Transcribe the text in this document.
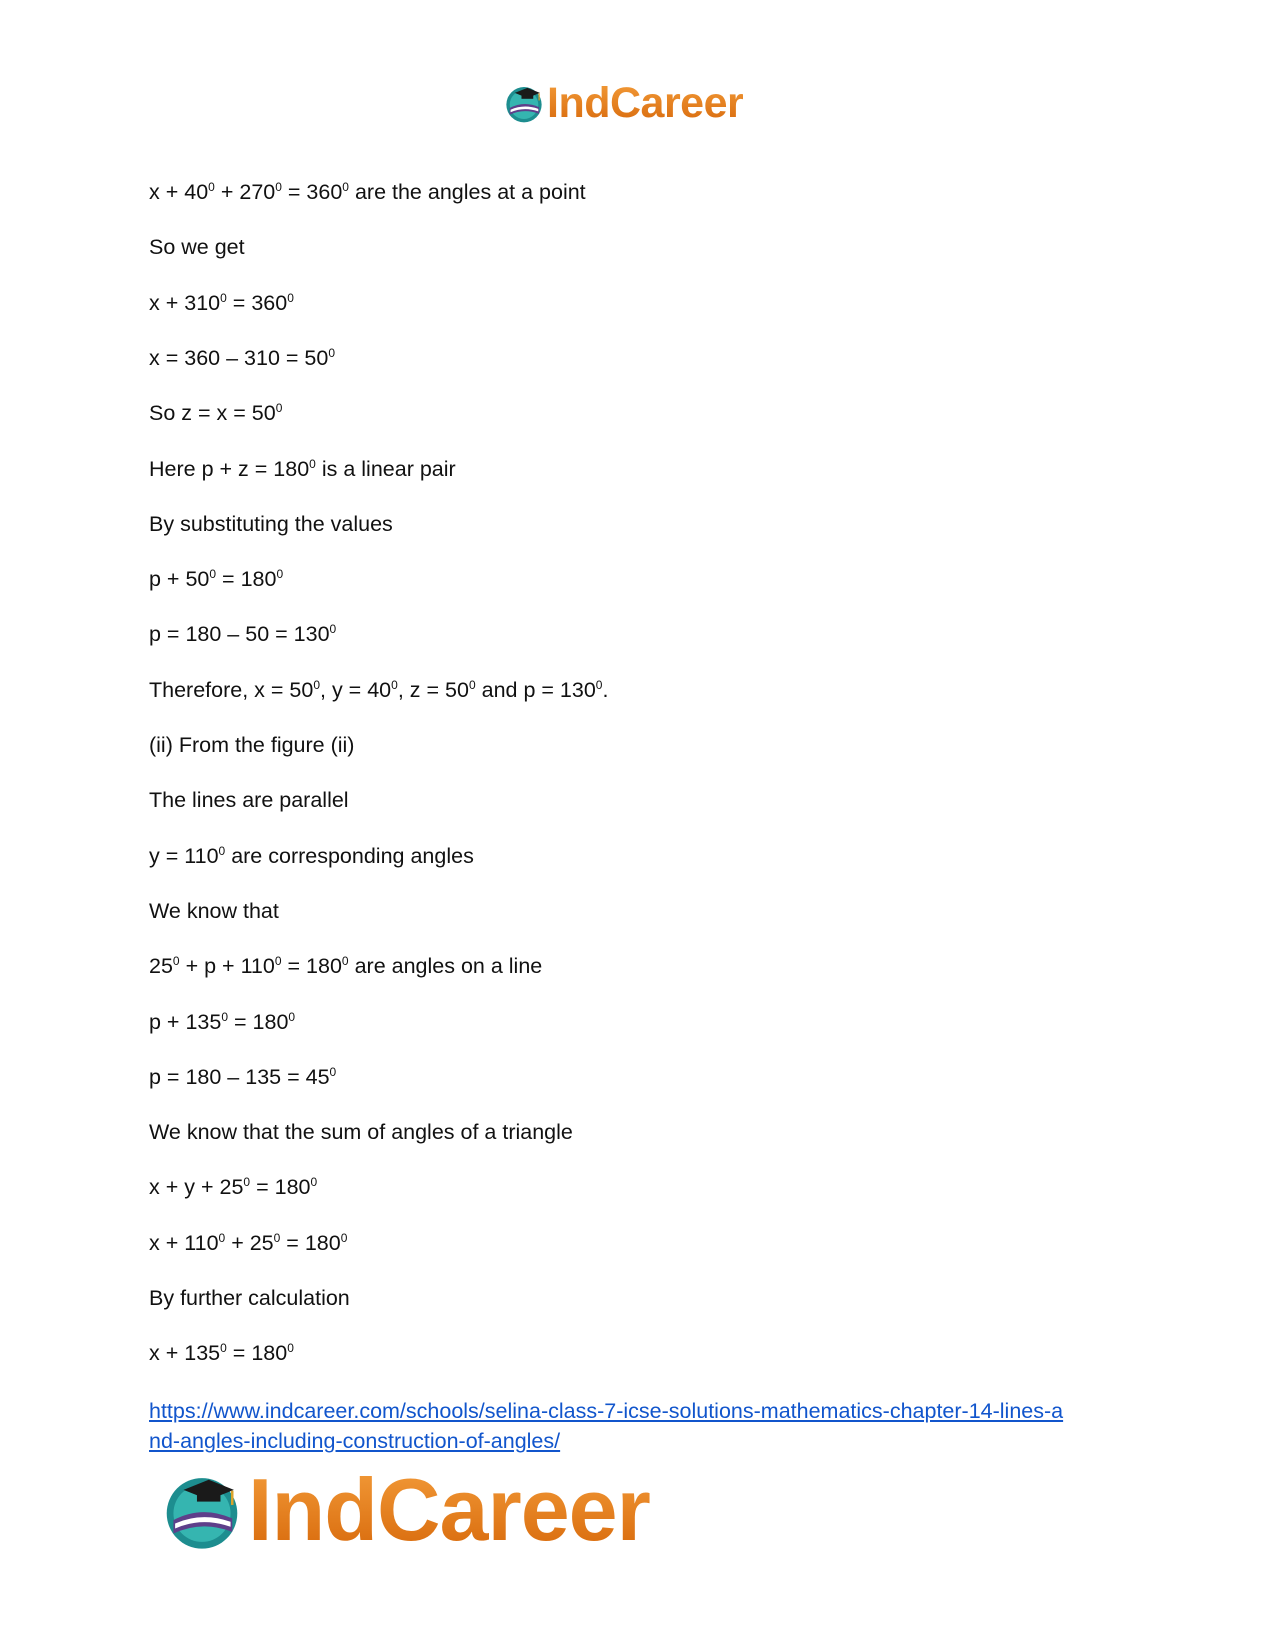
IndCareer
$x + 40^0 + 270^0 = 360^0$ are the angles at a point
So we get
$x + 310^0 = 360^0$
$x = 360 - 310 = 50^0$
So $z = x = 50^0$
Here $p + z = 180^0$ is a linear pair
By substituting the values
$p + 50^0 = 180^0$
$p = 180 - 50 = 130^0$
Therefore, $x = 50^0$, $y = 40^0$, $z = 50^0$ and $p = 130^0$.
(ii) From the figure (ii)
The lines are parallel
$y = 110^0$ are corresponding angles
We know that
$25^0 + p + 110^0 = 180^0$ are angles on a line
$p + 135^0 = 180^0$
$p = 180 - 135 = 45^0$
We know that the sum of angles of a triangle
$x + y + 25^0 = 180^0$
$x + 110^0 + 25^0 = 180^0$
By further calculation
$x + 135^0 = 180^0$
https://www.indcareer.com/schools/selina-class-7-icse-solutions-mathematics-chapter-14-lines-a
nd-angles-including-construction-of-angles/
IndCareer
